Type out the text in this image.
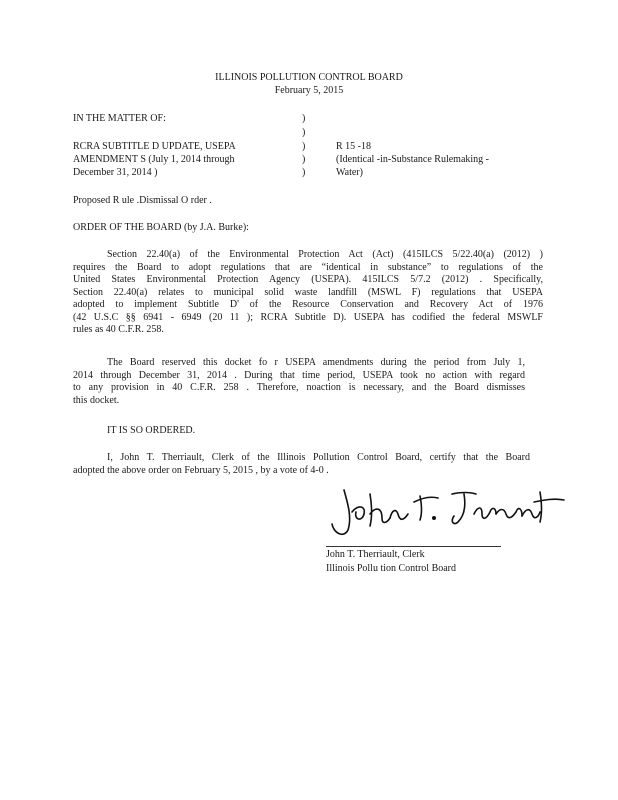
ILLINOIS POLLUTION CONTROL BOARD
February 5, 2015
IN THE MATTER OF:
RCRA SUBTITLE D UPDATE, USEPA
AMENDMENT S (July 1, 2014 through
December 31, 2014 )
)
)
)
)
)
R 15 -18
(Identical -in-Substance Rulemaking -
Water)
Proposed R ule .Dismissal O rder .
ORDER OF THE BOARD (by J.A. Burke):
Section 22.40(a) of the Environmental Protection Act (Act) (415ILCS 5/22.40(a) (2012) )
requires the Board to adopt regulations that are “identical in substance” to regulations of the
United States Environmental Protection Agency (USEPA). 415ILCS 5/7.2 (2012) . Specifically,
Section 22.40(a) relates to municipal solid waste landfill (MSWL F) regulations that USEPA
adopted to implement Subtitle D' of the Resource Conservation and Recovery Act of 1976
(42 U.S.C §§ 6941 - 6949 (20 11 ); RCRA Subtitle D). USEPA has codified the federal MSWLF
rules as 40 C.F.R. 258.
The Board reserved this docket fo r USEPA amendments during the period from July 1,
2014 through December 31, 2014 . During that time period, USEPA took no action with regard
to any provision in 40 C.F.R. 258 . Therefore, noaction is necessary, and the Board dismisses
this docket.
IT IS SO ORDERED.
I, John T. Therriault, Clerk of the Illinois Pollution Control Board, certify that the Board
adopted the above order on February 5, 2015 , by a vote of 4-0 .
John T. Therriault, Clerk
Illinois Pollu tion Control Board
